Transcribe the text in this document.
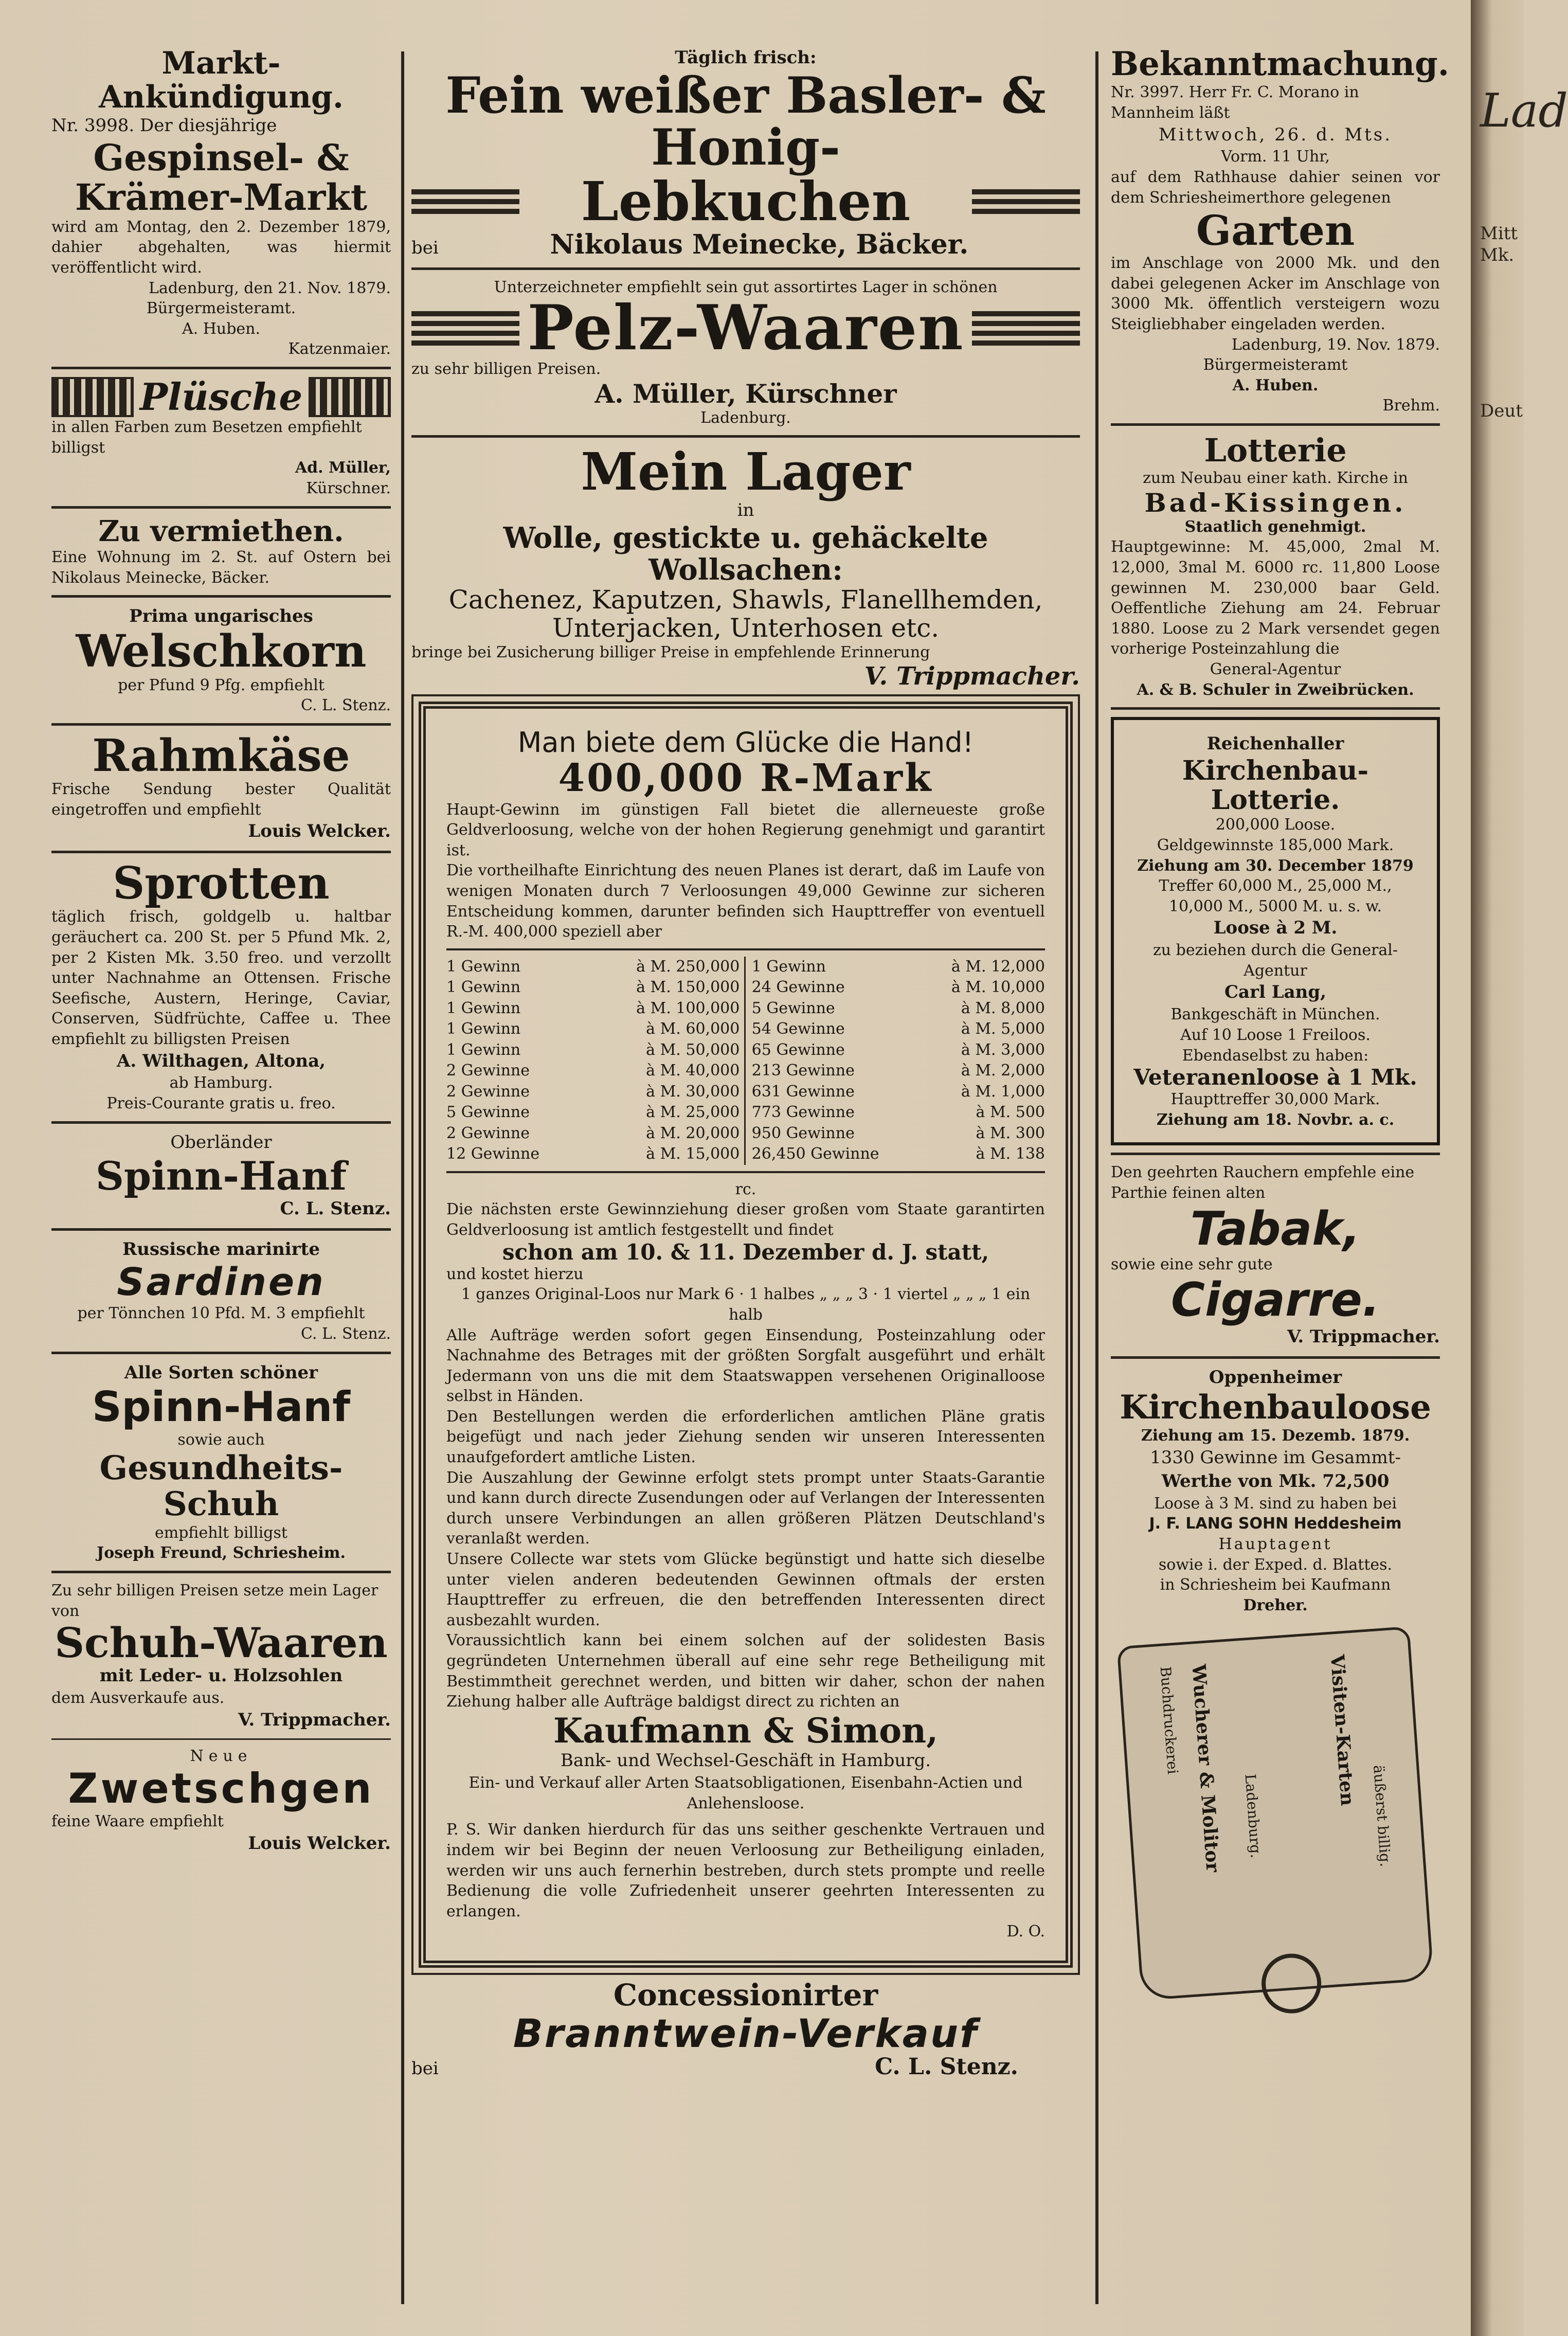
Markt-Ankündigung.
Nr. 3998. Der diesjährige
Gespinsel- &
Krämer-Markt
wird am Montag, den 2. Dezember 1879, dahier abgehalten, was hiermit veröffentlicht wird.
Ladenburg, den 21. Nov. 1879.
Bürgermeisteramt.
A. Huben.
Katzenmaier.
Plüsche
in allen Farben zum Besetzen empfiehlt billigst
Ad. Müller,
Kürschner.
Zu vermiethen.
Eine Wohnung im 2. St. auf Ostern bei Nikolaus Meinecke, Bäcker.
Prima ungarisches
Welschkorn
per Pfund 9 Pfg. empfiehlt
C. L. Stenz.
Rahmkäse
Frische Sendung bester Qualität eingetroffen und empfiehlt
Louis Welcker.
Sprotten
täglich frisch, goldgelb u. haltbar geräuchert ca. 200 St. per 5 Pfund Mk. 2, per 2 Kisten Mk. 3.50 freo. und verzollt unter Nachnahme an Ottensen. Frische Seefische, Austern, Heringe, Caviar, Conserven, Südfrüchte, Caffee u. Thee empfiehlt zu billigsten Preisen
A. Wilthagen, Altona,
ab Hamburg.
Preis-Courante gratis u. freo.
Oberländer
Spinn-Hanf
C. L. Stenz.
Russische marinirte
Sardinen
per Tönnchen 10 Pfd. M. 3 empfiehlt
C. L. Stenz.
Alle Sorten schöner
Spinn-Hanf
sowie auch
Gesundheits-Schuh
empfiehlt billigst
Joseph Freund, Schriesheim.
Zu sehr billigen Preisen setze mein Lager von
Schuh-Waaren
mit Leder- u. Holzsohlen
dem Ausverkaufe aus.
V. Trippmacher.
Neue
Zwetschgen
feine Waare empfiehlt
Louis Welcker.
Täglich frisch:
Fein weißer Basler- & Honig-
Lebkuchen
bei	Nikolaus Meinecke, Bäcker.
Unterzeichneter empfiehlt sein gut assortirtes Lager in schönen
Pelz-Waaren
zu sehr billigen Preisen.
A. Müller, Kürschner
Ladenburg.
Mein Lager
in
Wolle, gestickte u. gehäckelte Wollsachen:
Cachenez, Kaputzen, Shawls, Flanellhemden,
Unterjacken, Unterhosen etc.
bringe bei Zusicherung billiger Preise in empfehlende Erinnerung
V. Trippmacher.
Man biete dem Glücke die Hand!
400,000 R-Mark
Haupt-Gewinn im günstigen Fall bietet die allerneueste große Geldverloosung, welche von der hohen Regierung genehmigt und garantirt ist.
Die vortheilhafte Einrichtung des neuen Planes ist derart, daß im Laufe von wenigen Monaten durch 7 Verloosungen 49,000 Gewinne zur sicheren Entscheidung kommen, darunter befinden sich Haupttreffer von eventuell R.-M. 400,000 speziell aber
1 Gewinn	à M. 250,000
1 Gewinn	à M. 150,000
1 Gewinn	à M. 100,000
1 Gewinn	à M. 60,000
1 Gewinn	à M. 50,000
2 Gewinne	à M. 40,000
2 Gewinne	à M. 30,000
5 Gewinne	à M. 25,000
2 Gewinne	à M. 20,000
12 Gewinne	à M. 15,000
1 Gewinn	à M. 12,000
24 Gewinne	à M. 10,000
5 Gewinne	à M. 8,000
54 Gewinne	à M. 5,000
65 Gewinne	à M. 3,000
213 Gewinne	à M. 2,000
631 Gewinne	à M. 1,000
773 Gewinne	à M. 500
950 Gewinne	à M. 300
26,450 Gewinne	à M. 138
rc.
Die nächsten erste Gewinnziehung dieser großen vom Staate garantirten Geldverloosung ist amtlich festgestellt und findet
schon am 10. & 11. Dezember d. J. statt,
und kostet hierzu
1 ganzes Original-Loos nur Mark 6 · 1 halbes „ „ „ 3 · 1 viertel „ „ „ 1 ein halb
Alle Aufträge werden sofort gegen Einsendung, Posteinzahlung oder Nachnahme des Betrages mit der größten Sorgfalt ausgeführt und erhält Jedermann von uns die mit dem Staatswappen versehenen Originalloose selbst in Händen.
Den Bestellungen werden die erforderlichen amtlichen Pläne gratis beigefügt und nach jeder Ziehung senden wir unseren Interessenten unaufgefordert amtliche Listen.
Die Auszahlung der Gewinne erfolgt stets prompt unter Staats-Garantie und kann durch directe Zusendungen oder auf Verlangen der Interessenten durch unsere Verbindungen an allen größeren Plätzen Deutschland's veranlaßt werden.
Unsere Collecte war stets vom Glücke begünstigt und hatte sich dieselbe unter vielen anderen bedeutenden Gewinnen oftmals der ersten Haupttreffer zu erfreuen, die den betreffenden Interessenten direct ausbezahlt wurden.
Voraussichtlich kann bei einem solchen auf der solidesten Basis gegründeten Unternehmen überall auf eine sehr rege Betheiligung mit Bestimmtheit gerechnet werden, und bitten wir daher, schon der nahen Ziehung halber alle Aufträge baldigst direct zu richten an
Kaufmann & Simon,
Bank- und Wechsel-Geschäft in Hamburg.
Ein- und Verkauf aller Arten Staatsobligationen, Eisenbahn-Actien und Anlehensloose.
P. S. Wir danken hierdurch für das uns seither geschenkte Vertrauen und indem wir bei Beginn der neuen Verloosung zur Betheiligung einladen, werden wir uns auch fernerhin bestreben, durch stets prompte und reelle Bedienung die volle Zufriedenheit unserer geehrten Interessenten zu erlangen.
D. O.
Concessionirter
Branntwein-Verkauf
bei	C. L. Stenz.
Bekanntmachung.
Nr. 3997. Herr Fr. C. Morano in Mannheim läßt
Mittwoch, 26. d. Mts.
Vorm. 11 Uhr,
auf dem Rathhause dahier seinen vor dem Schriesheimerthore gelegenen
Garten
im Anschlage von 2000 Mk. und den dabei gelegenen Acker im Anschlage von 3000 Mk. öffentlich versteigern wozu Steigliebhaber eingeladen werden.
Ladenburg, 19. Nov. 1879.
Bürgermeisteramt
A. Huben.
Brehm.
Lotterie
zum Neubau einer kath. Kirche in
Bad-Kissingen.
Staatlich genehmigt.
Hauptgewinne: M. 45,000, 2mal M. 12,000, 3mal M. 6000 rc. 11,800 Loose gewinnen M. 230,000 baar Geld. Oeffentliche Ziehung am 24. Februar 1880. Loose zu 2 Mark versendet gegen vorherige Posteinzahlung die
General-Agentur
A. & B. Schuler in Zweibrücken.
Reichenhaller
Kirchenbau-Lotterie.
200,000 Loose.
Geldgewinnste 185,000 Mark.
Ziehung am 30. December 1879
Treffer 60,000 M., 25,000 M.,
10,000 M., 5000 M. u. s. w.
Loose à 2 M.
zu beziehen durch die General-Agentur
Carl Lang,
Bankgeschäft in München.
Auf 10 Loose 1 Freiloos.
Ebendaselbst zu haben:
Veteranenloose à 1 Mk.
Haupttreffer 30,000 Mark.
Ziehung am 18. Novbr. a. c.
Den geehrten Rauchern empfehle eine Parthie feinen alten
Tabak,
sowie eine sehr gute
Cigarre.
V. Trippmacher.
Oppenheimer
Kirchenbauloose
Ziehung am 15. Dezemb. 1879.
1330 Gewinne im Gesammt-
Werthe von Mk. 72,500
Loose à 3 M. sind zu haben bei
J. F. LANG SOHN Heddesheim
Hauptagent
sowie i. der Exped. d. Blattes.
in Schriesheim bei Kaufmann
Dreher.
Wucherer & Molitor
Buchdruckerei
Ladenburg.
Visiten-Karten
äußerst billig.
Lad
Mitt
Mk.
Deut
